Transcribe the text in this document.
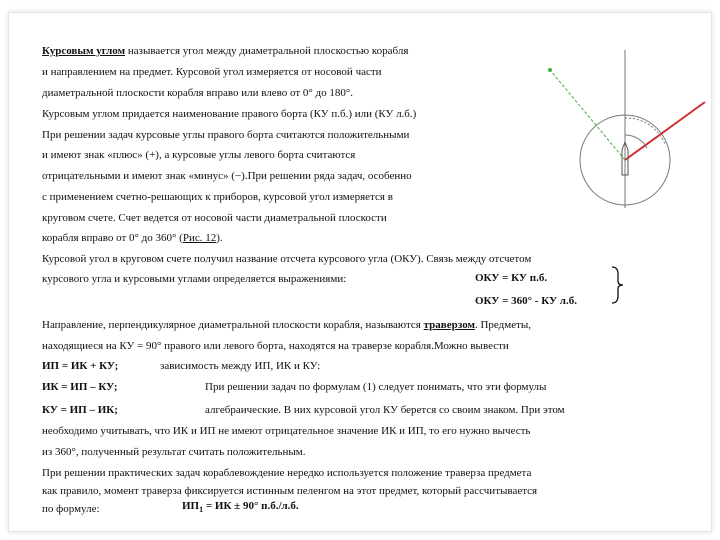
Курсовым углом называется угол между диаметральной плоскостью корабля
и направлением на предмет. Курсовой угол измеряется от носовой части
диаметральной плоскости корабля вправо или влево от 0° до 180°.
Курсовым углом придается наименование правого борта (КУ п.б.) или (КУ л.б.)
При решении задач курсовые углы правого борта считаются положительными
и имеют знак «плюс» (+), а курсовые углы левого борта считаются
отрицательными и имеют знак «минус» (−).При решении ряда задач, особенно
с применением счетно-решающих к приборов, курсовой угол измеряется в
круговом счете. Счет ведется от носовой части диаметральной плоскости
корабля вправо от 0° до 360° (Рис. 12).
Курсовой угол в круговом счете получил название отсчета курсового угла (ОКУ). Связь между отсчетом
курсового угла и курсовыми углами определяется выражениями:	ОКУ = КУ п.б.
ОКУ = 360° - КУ л.б.
Направление, перпендикулярное диаметральной плоскости корабля, называются траверзом. Предметы,
находящиеся на КУ = 90° правого или левого борта, находятся на траверзе корабля.Можно вывести
ИП = ИК + КУ;	зависимость между ИП, ИК и КУ:
ИК = ИП – КУ;	При решении задач по формулам (1) следует понимать, что эти формулы
КУ = ИП – ИК;	алгебраические. В них курсовой угол КУ берется со своим знаком. При этом
необходимо учитывать, что ИК и ИП не имеют отрицательное значение ИК и ИП, то его нужно вычесть
из 360°, полученный результат считать положительным.
При решении практических задач кораблевождение нередко используется положение траверза предмета
как правило, момент траверза фиксируется истинным пеленгом на этот предмет, который рассчитывается
по формуле:	$ИП_1$ = ИК ± 90° п.б./л.б.
